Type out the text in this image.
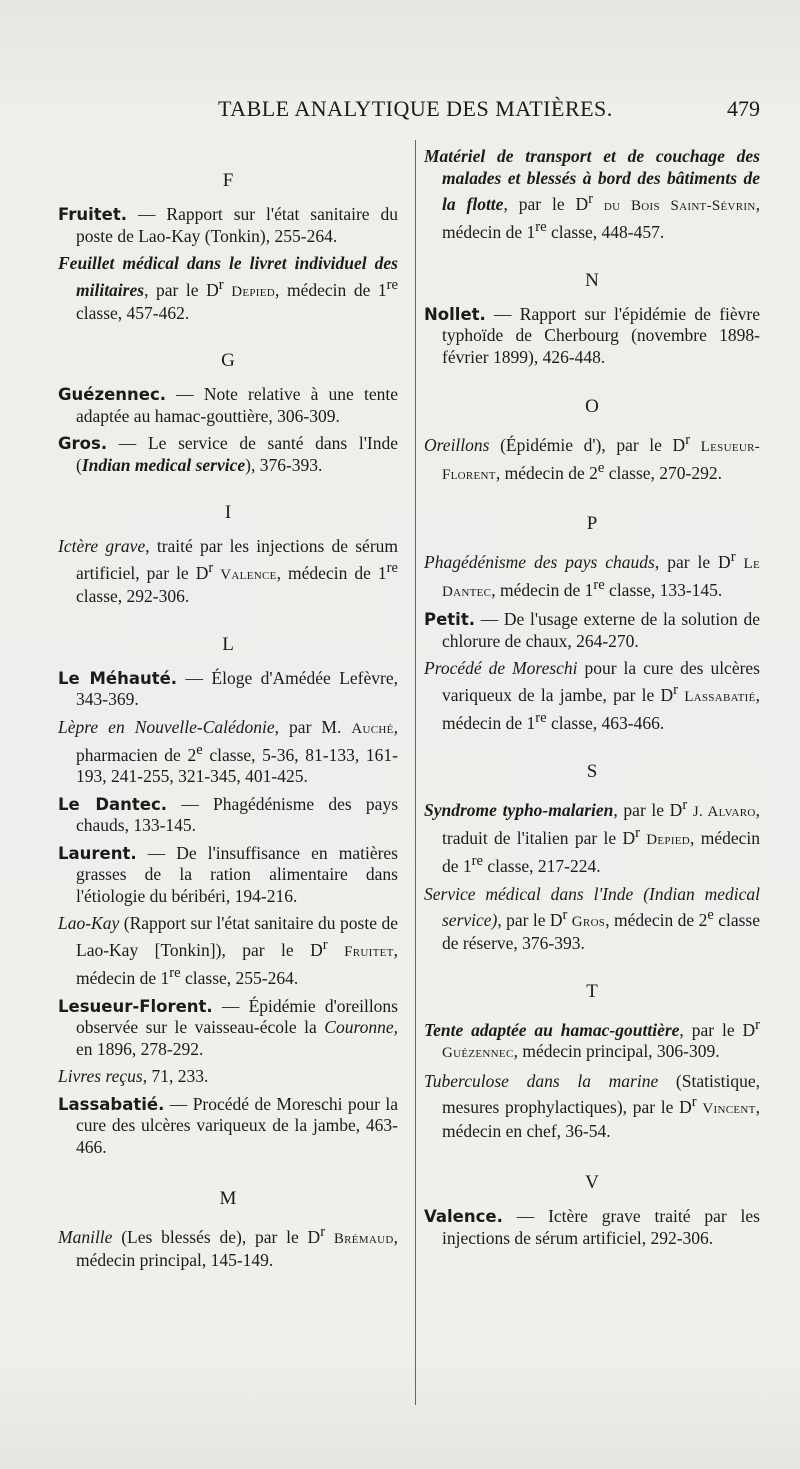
TABLE ANALYTIQUE DES MATIÈRES.	479

F

Fruitet. — Rapport sur l'état sanitaire du poste de Lao-Kay (Tonkin), 255-264.

Feuillet médical dans le livret individuel des militaires, par le $D^r$ Depied, médecin de 1re classe, 457-462.

G

Guézennec. — Note relative à une tente adaptée au hamac-gouttière, 306-309.

Gros. — Le service de santé dans l'Inde (Indian medical service), 376-393.

I

Ictère grave, traité par les injections de sérum artificiel, par le $D^r$ Valence, médecin de 1re classe, 292-306.

L

Le Méhauté. — Éloge d'Amédée Lefèvre, 343-369.

Lèpre en Nouvelle-Calédonie, par M. Auché, pharmacien de 2e classe, 5-36, 81-133, 161-193, 241-255, 321-345, 401-425.

Le Dantec. — Phagédénisme des pays chauds, 133-145.

Laurent. — De l'insuffisance en matières grasses de la ration alimentaire dans l'étiologie du béribéri, 194-216.

Lao-Kay (Rapport sur l'état sanitaire du poste de Lao-Kay [Tonkin]), par le $D^r$ Fruitet, médecin de 1re classe, 255-264.

Lesueur-Florent. — Épidémie d'oreillons observée sur le vaisseau-école la Couronne, en 1896, 278-292.

Livres reçus, 71, 233.

Lassabatié. — Procédé de Moreschi pour la cure des ulcères variqueux de la jambe, 463-466.

M

Manille (Les blessés de), par le $D^r$ Brémaud, médecin principal, 145-149.

Matériel de transport et de couchage des malades et blessés à bord des bâtiments de la flotte, par le $D^r$ du Bois Saint-Sévrin, médecin de 1re classe, 448-457.

N

Nollet. — Rapport sur l'épidémie de fièvre typhoïde de Cherbourg (novembre 1898-février 1899), 426-448.

O

Oreillons (Épidémie d'), par le $D^r$ Lesueur-Florent, médecin de 2e classe, 270-292.

P

Phagédénisme des pays chauds, par le $D^r$ Le Dantec, médecin de 1re classe, 133-145.

Petit. — De l'usage externe de la solution de chlorure de chaux, 264-270.

Procédé de Moreschi pour la cure des ulcères variqueux de la jambe, par le $D^r$ Lassabatié, médecin de 1re classe, 463-466.

S

Syndrome typho-malarien, par le $D^r$ J. Alvaro, traduit de l'italien par le $D^r$ Depied, médecin de 1re classe, 217-224.

Service médical dans l'Inde (Indian medical service), par le $D^r$ Gros, médecin de 2e classe de réserve, 376-393.

T

Tente adaptée au hamac-gouttière, par le $D^r$ Guézennec, médecin principal, 306-309.

Tuberculose dans la marine (Statistique, mesures prophylactiques), par le $D^r$ Vincent, médecin en chef, 36-54.

V

Valence. — Ictère grave traité par les injections de sérum artificiel, 292-306.
